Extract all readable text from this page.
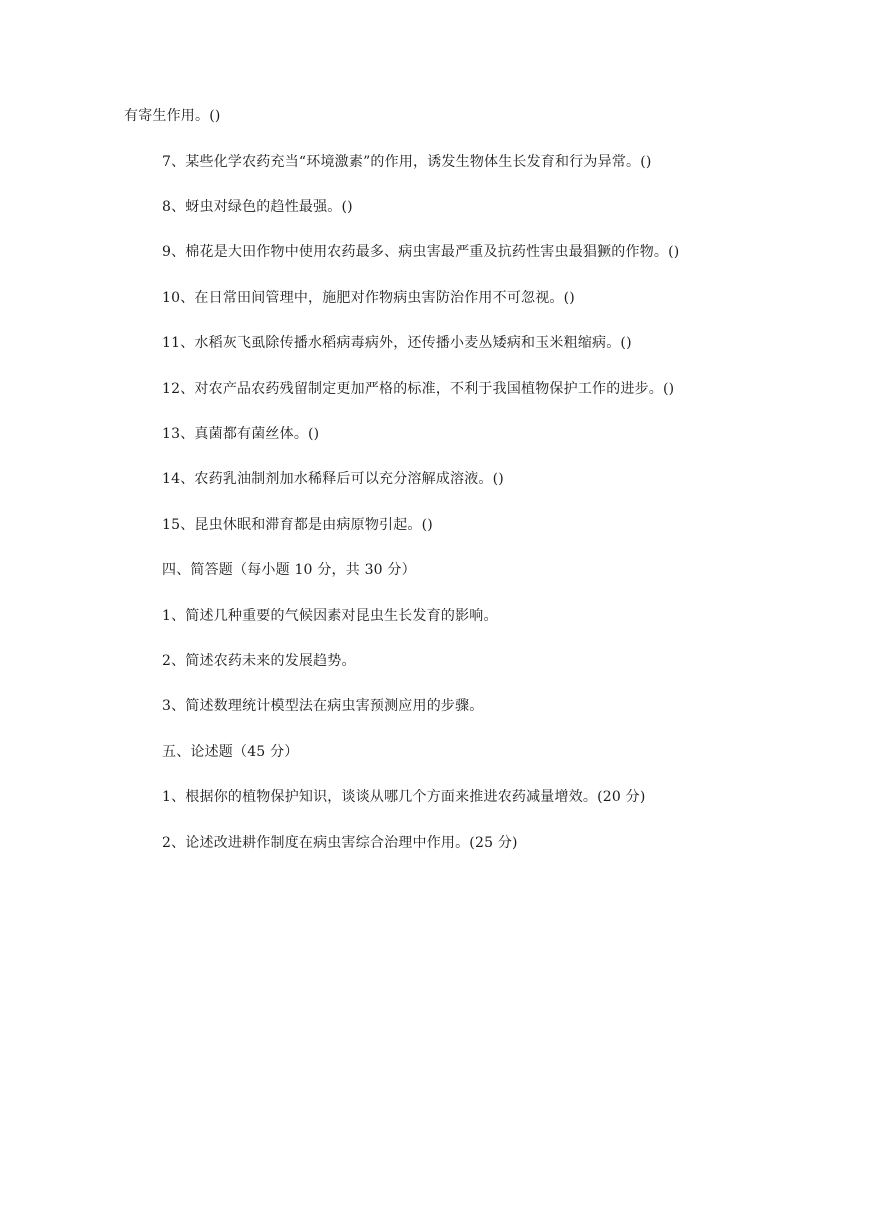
有寄生作用。()
7、某些化学农药充当“环境激素”的作用，诱发生物体生长发育和行为异常。()
8、蚜虫对绿色的趋性最强。()
9、棉花是大田作物中使用农药最多、病虫害最严重及抗药性害虫最猖獗的作物。()
10、在日常田间管理中，施肥对作物病虫害防治作用不可忽视。()
11、水稻灰飞虱除传播水稻病毒病外，还传播小麦丛矮病和玉米粗缩病。()
12、对农产品农药残留制定更加严格的标准，不利于我国植物保护工作的进步。()
13、真菌都有菌丝体。()
14、农药乳油制剂加水稀释后可以充分溶解成溶液。()
15、昆虫休眠和滞育都是由病原物引起。()
四、简答题（每小题 10 分，共 30 分）
1、简述几种重要的气候因素对昆虫生长发育的影响。
2、简述农药未来的发展趋势。
3、简述数理统计模型法在病虫害预测应用的步骤。
五、论述题（45 分）
1、根据你的植物保护知识，谈谈从哪几个方面来推进农药减量增效。(20 分)
2、论述改进耕作制度在病虫害综合治理中作用。(25 分)
